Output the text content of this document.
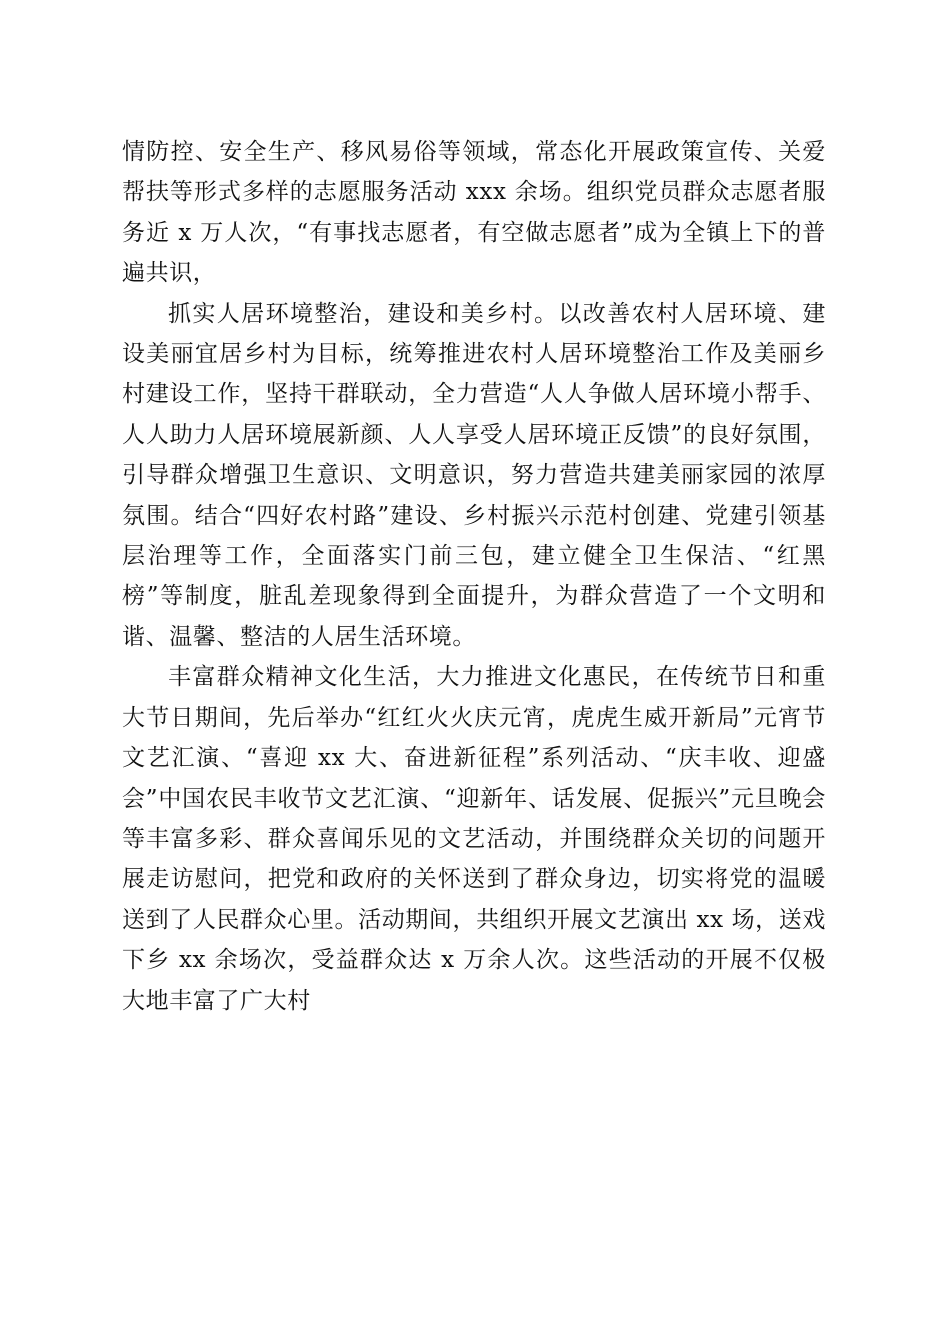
情防控、安全生产、移风易俗等领域，常态化开展政策宣传、关爱帮扶等形式多样的志愿服务活动 xxx 余场。组织党员群众志愿者服务近 x 万人次，“有事找志愿者，有空做志愿者”成为全镇上下的普遍共识，

抓实人居环境整治，建设和美乡村。以改善农村人居环境、建设美丽宜居乡村为目标，统筹推进农村人居环境整治工作及美丽乡村建设工作，坚持干群联动，全力营造“人人争做人居环境小帮手、人人助力人居环境展新颜、人人享受人居环境正反馈”的良好氛围，引导群众增强卫生意识、文明意识，努力营造共建美丽家园的浓厚氛围。结合“四好农村路”建设、乡村振兴示范村创建、党建引领基层治理等工作，全面落实门前三包，建立健全卫生保洁、“红黑榜”等制度，脏乱差现象得到全面提升，为群众营造了一个文明和谐、温馨、整洁的人居生活环境。

丰富群众精神文化生活，大力推进文化惠民，在传统节日和重大节日期间，先后举办“红红火火庆元宵，虎虎生威开新局”元宵节文艺汇演、“喜迎 xx 大、奋进新征程”系列活动、“庆丰收、迎盛会”中国农民丰收节文艺汇演、“迎新年、话发展、促振兴”元旦晚会等丰富多彩、群众喜闻乐见的文艺活动，并围绕群众关切的问题开展走访慰问，把党和政府的关怀送到了群众身边，切实将党的温暖送到了人民群众心里。活动期间，共组织开展文艺演出 xx 场，送戏下乡 xx 余场次，受益群众达 x 万余人次。这些活动的开展不仅极大地丰富了广大村
